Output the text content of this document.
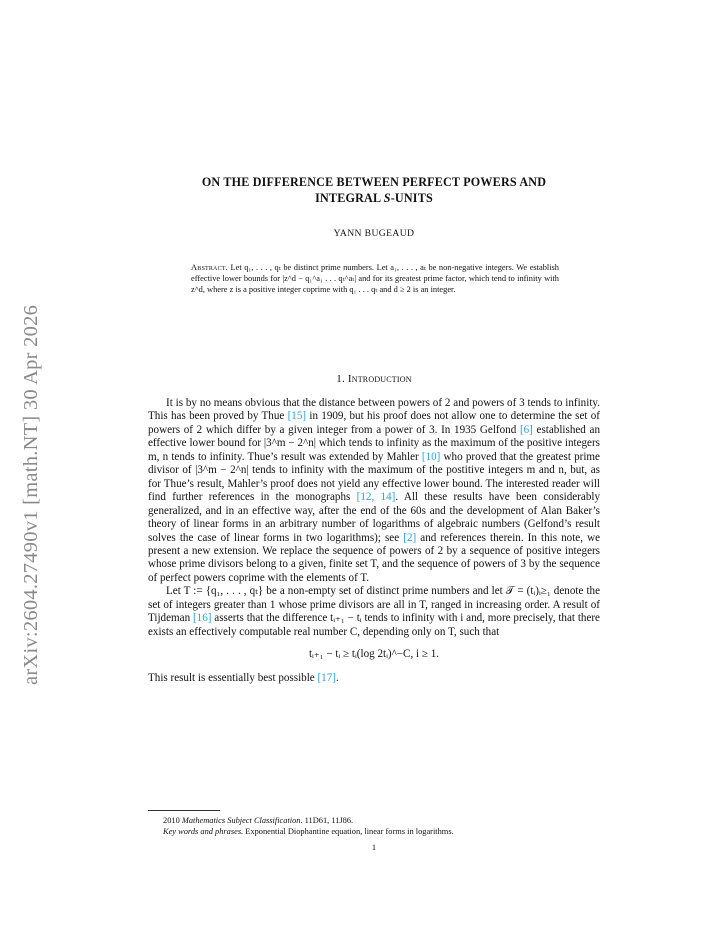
arXiv:2604.27490v1 [math.NT] 30 Apr 2026
ON THE DIFFERENCE BETWEEN PERFECT POWERS AND
INTEGRAL S-UNITS
YANN BUGEAUD
Abstract. Let q₁, . . . , qₜ be distinct prime numbers. Let a₁, . . . , aₜ be non-negative integers. We establish effective lower bounds for |z^d − q₁^a₁ . . . qₜ^aₜ| and for its greatest prime factor, which tend to infinity with z^d, where z is a positive integer coprime with q₁ . . . qₜ and d ≥ 2 is an integer.
1. Introduction

It is by no means obvious that the distance between powers of 2 and powers of 3 tends to infinity. This has been proved by Thue [15] in 1909, but his proof does not allow one to determine the set of powers of 2 which differ by a given integer from a power of 3. In 1935 Gelfond [6] established an effective lower bound for |3^m − 2^n| which tends to infinity as the maximum of the positive integers m, n tends to infinity. Thue’s result was extended by Mahler [10] who proved that the greatest prime divisor of |3^m − 2^n| tends to infinity with the maximum of the postitive integers m and n, but, as for Thue’s result, Mahler’s proof does not yield any effective lower bound. The interested reader will find further references in the monographs [12, 14]. All these results have been considerably generalized, and in an effective way, after the end of the 60s and the development of Alan Baker’s theory of linear forms in an arbitrary number of logarithms of algebraic numbers (Gelfond’s result solves the case of linear forms in two logarithms); see [2] and references therein. In this note, we present a new extension. We replace the sequence of powers of 2 by a sequence of positive integers whose prime divisors belong to a given, finite set T, and the sequence of powers of 3 by the sequence of perfect powers coprime with the elements of T.

Let T := {q₁, . . . , qₜ} be a non-empty set of distinct prime numbers and let 𝒯 = (tᵢ)ᵢ≥₁ denote the set of integers greater than 1 whose prime divisors are all in T, ranged in increasing order. A result of Tijdeman [16] asserts that the difference tᵢ₊₁ − tᵢ tends to infinity with i and, more precisely, that there exists an effectively computable real number C, depending only on T, such that

tᵢ₊₁ − tᵢ ≥ tᵢ(log 2tᵢ)^−C, i ≥ 1.

This result is essentially best possible [17].

2010 Mathematics Subject Classification. 11D61, 11J86.

Key words and phrases. Exponential Diophantine equation, linear forms in logarithms.

1
